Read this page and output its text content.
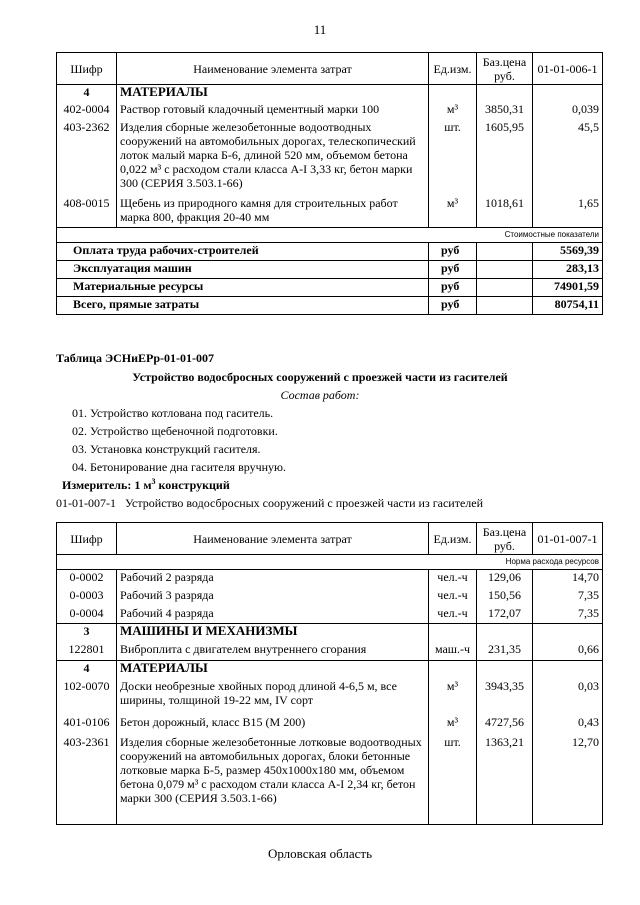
11
Шифр	Наименование элемента затрат	Ед.изм.	Баз.цена руб.	01-01-006-1
4	МАТЕРИАЛЫ			
402-0004	Раствор готовый кладочный цементный марки 100	м³	3850,31	0,039
403-2362	Изделия сборные железобетонные водоотводных сооружений на автомобильных дорогах, телескопический лоток малый марка Б-6, длиной 520 мм, объемом бетона 0,022 м³ с расходом стали класса А-I 3,33 кг, бетон марки 300 (СЕРИЯ 3.503.1-66)	шт.	1605,95	45,5
408-0015	Щебень из природного камня для строительных работ марка 800, фракция 20-40 мм	м³	1018,61	1,65
Стоимостные показатели				
Оплата труда рабочих-строителей		руб		5569,39
Эксплуатация машин		руб		283,13
Материальные ресурсы		руб		74901,59
Всего, прямые затраты		руб		80754,11
Таблица ЭСНиЕРр-01-01-007
Устройство водосбросных сооружений с проезжей части из гасителей
Состав работ:
01. Устройство котлована под гаситель.
02. Устройство щебеночной подготовки.
03. Установка конструкций гасителя.
04. Бетонирование дна гасителя вручную.
Измеритель: 1 $м^3$ конструкций
01-01-007-1 Устройство водосбросных сооружений с проезжей части из гасителей
Шифр	Наименование элемента затрат	Ед.изм.	Баз.цена руб.	01-01-007-1
Норма расхода ресурсов				
0-0002	Рабочий 2 разряда	чел.-ч	129,06	14,70
0-0003	Рабочий 3 разряда	чел.-ч	150,56	7,35
0-0004	Рабочий 4 разряда	чел.-ч	172,07	7,35
3	МАШИНЫ И МЕХАНИЗМЫ			
122801	Виброплита с двигателем внутреннего сгорания	маш.-ч	231,35	0,66
4	МАТЕРИАЛЫ			
102-0070	Доски необрезные хвойных пород длиной 4-6,5 м, все ширины, толщиной 19-22 мм, IV сорт	м³	3943,35	0,03
401-0106	Бетон дорожный, класс В15 (М 200)	м³	4727,56	0,43
403-2361	Изделия сборные железобетонные лотковые водоотводных сооружений на автомобильных дорогах, блоки бетонные лотковые марка Б-5, размер 450х1000х180 мм, объемом бетона 0,079 м³ с расходом стали класса А-I 2,34 кг, бетон марки 300 (СЕРИЯ 3.503.1-66)	шт.	1363,21	12,70
Орловская область
